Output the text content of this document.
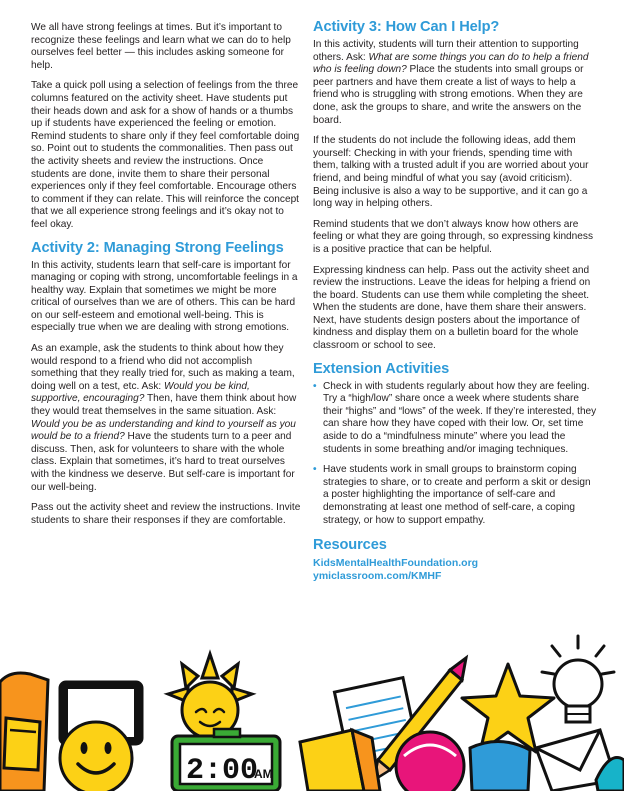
We all have strong feelings at times. But it’s important to recognize these feelings and learn what we can do to help ourselves feel better — this includes asking someone for help.

Take a quick poll using a selection of feelings from the three columns featured on the activity sheet. Have students put their heads down and ask for a show of hands or a thumbs up if students have experienced the feeling or emotion. Remind students to share only if they feel comfortable doing so. Point out to students the commonalities. Then pass out the activity sheets and review the instructions. Once students are done, invite them to share their personal experiences only if they feel comfortable. Encourage others to comment if they can relate. This will reinforce the concept that we all experience strong feelings and it’s okay not to feel okay.

Activity 2: Managing Strong Feelings

In this activity, students learn that self-care is important for managing or coping with strong, uncomfortable feelings in a healthy way. Explain that sometimes we might be more critical of ourselves than we are of others. This can be hard on our self-esteem and emotional well-being. This is especially true when we are dealing with strong emotions.

As an example, ask the students to think about how they would respond to a friend who did not accomplish something that they really tried for, such as making a team, doing well on a test, etc. Ask: Would you be kind, supportive, encouraging? Then, have them think about how they would treat themselves in the same situation. Ask: Would you be as understanding and kind to yourself as you would be to a friend? Have the students turn to a peer and discuss. Then, ask for volunteers to share with the whole class. Explain that sometimes, it’s hard to treat ourselves with the kindness we deserve. But self-care is important for our well-being.

Pass out the activity sheet and review the instructions. Invite students to share their responses if they are comfortable.

Activity 3: How Can I Help?

In this activity, students will turn their attention to supporting others. Ask: What are some things you can do to help a friend who is feeling down? Place the students into small groups or peer partners and have them create a list of ways to help a friend who is struggling with strong emotions. When they are done, ask the groups to share, and write the answers on the board.

If the students do not include the following ideas, add them yourself: Checking in with your friends, spending time with them, talking with a trusted adult if you are worried about your friend, and being mindful of what you say (avoid criticism). Being inclusive is also a way to be supportive, and it can go a long way in helping others.

Remind students that we don’t always know how others are feeling or what they are going through, so expressing kindness is a positive practice that can be helpful.

Expressing kindness can help. Pass out the activity sheet and review the instructions. Leave the ideas for helping a friend on the board. Students can use them while completing the sheet. When the students are done, have them share their answers. Next, have students design posters about the importance of kindness and display them on a bulletin board for the whole classroom or school to see.

Extension Activities
• Check in with students regularly about how they are feeling. Try a “high/low” share once a week where students share their “highs” and “lows” of the week. If they’re interested, they can share how they have coped with their low. Or, set time aside to do a “mindfulness minute” where you lead the students in some breathing and/or imaging techniques.
• Have students work in small groups to brainstorm coping strategies to share, or to create and perform a skit or design a poster highlighting the importance of self-care and demonstrating at least one method of self-care, a coping strategy, or how to support empathy.
Resources
KidsMentalHealthFoundation.org
ymiclassroom.com/KMHF
2:00
AM
